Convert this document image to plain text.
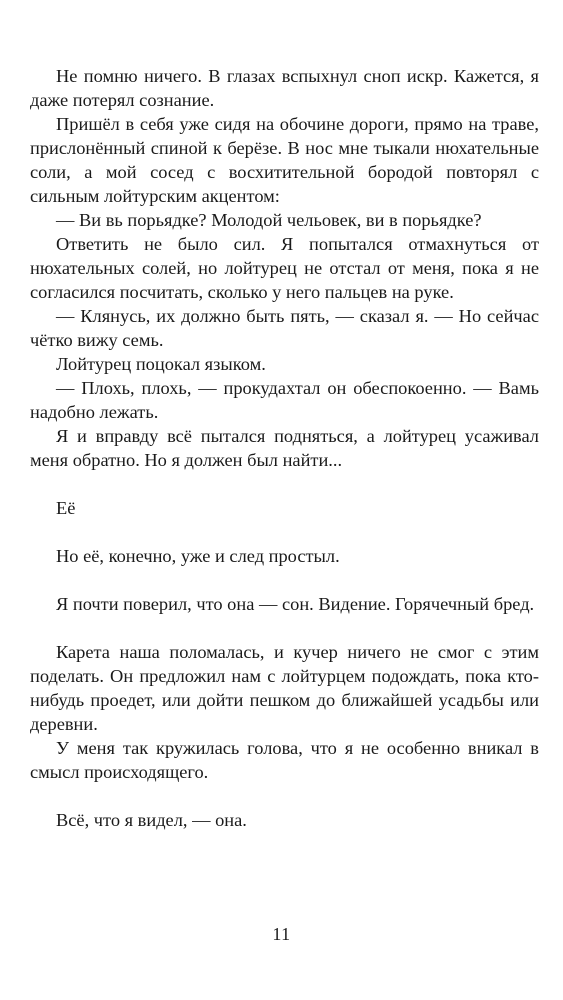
Не помню ничего. В глазах вспыхнул сноп искр. Кажется, я даже потерял сознание.

Пришёл в себя уже сидя на обочине дороги, прямо на траве, прислонённый спиной к берёзе. В нос мне тыкали нюхательные соли, а мой сосед с восхитительной бородой повторял с сильным лойтурским акцентом:

— Ви вь порьядке? Молодой чельовек, ви в порьядке?

Ответить не было сил. Я попытался отмахнуться от нюхательных солей, но лойтурец не отстал от меня, пока я не согласился посчитать, сколько у него пальцев на руке.

— Клянусь, их должно быть пять, — сказал я. — Но сейчас чётко вижу семь.

Лойтурец поцокал языком.

— Плохь, плохь, — прокудахтал он обеспокоенно. — Вамь надобно лежать.

Я и вправду всё пытался подняться, а лойтурец усаживал меня обратно. Но я должен был найти...

Её

Но её, конечно, уже и след простыл.

Я почти поверил, что она — сон. Видение. Горячечный бред.

Карета наша поломалась, и кучер ничего не смог с этим поделать. Он предложил нам с лойтурцем подождать, пока кто-нибудь проедет, или дойти пешком до ближайшей усадьбы или деревни.

У меня так кружилась голова, что я не особенно вникал в смысл происходящего.

Всё, что я видел, — она.

11
